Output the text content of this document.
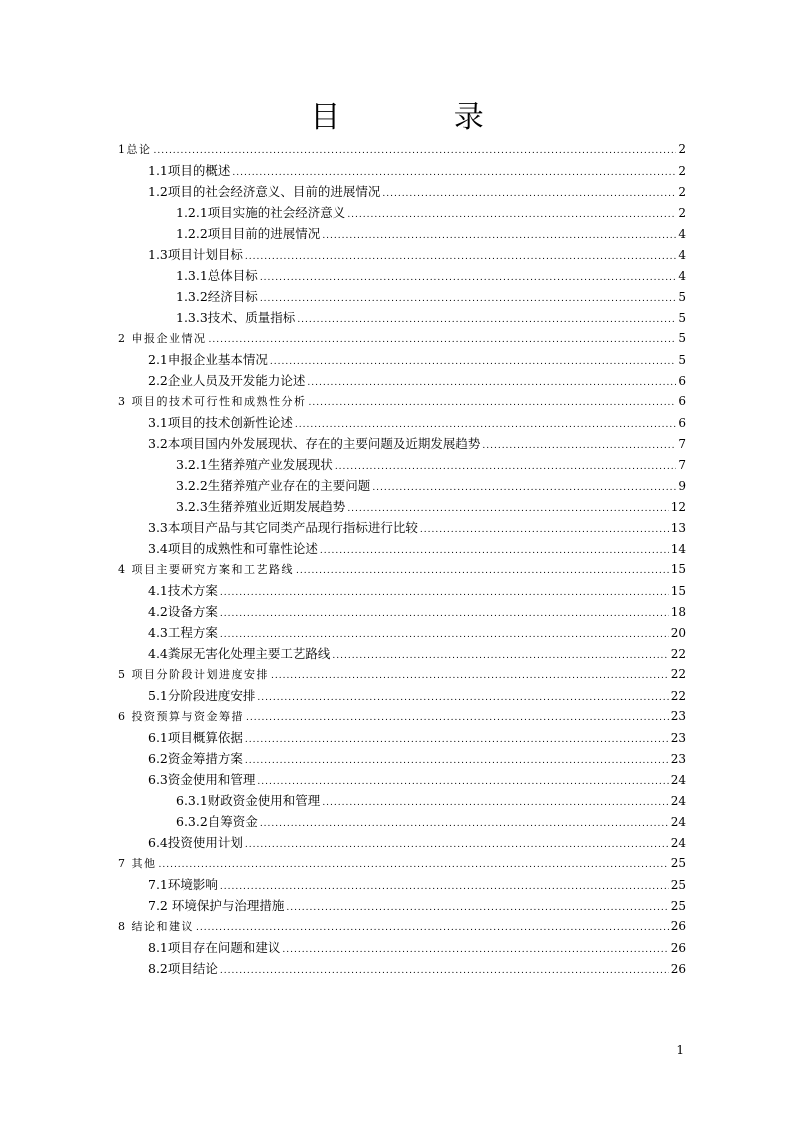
目 录
1总论 .....	2
1.1项目的概述 .....	2
1.2项目的社会经济意义、目前的进展情况 .....	2
1.2.1项目实施的社会经济意义 .....	2
1.2.2项目目前的进展情况 .....	4
1.3项目计划目标 .....	4
1.3.1总体目标 .....	4
1.3.2经济目标 .....	5
1.3.3技术、质量指标 .....	5
2 申报企业情况 .....	5
2.1申报企业基本情况 .....	5
2.2企业人员及开发能力论述 .....	6
3 项目的技术可行性和成熟性分析 .....	6
3.1项目的技术创新性论述 .....	6
3.2本项目国内外发展现状、存在的主要问题及近期发展趋势 .....	7
3.2.1生猪养殖产业发展现状 .....	7
3.2.2生猪养殖产业存在的主要问题 .....	9
3.2.3生猪养殖业近期发展趋势 .....	12
3.3本项目产品与其它同类产品现行指标进行比较 .....	13
3.4项目的成熟性和可靠性论述 .....	14
4 项目主要研究方案和工艺路线 .....	15
4.1技术方案 .....	15
4.2设备方案 .....	18
4.3工程方案 .....	20
4.4粪尿无害化处理主要工艺路线 .....	22
5 项目分阶段计划进度安排 .....	22
5.1分阶段进度安排 .....	22
6 投资预算与资金筹措 .....	23
6.1项目概算依据 .....	23
6.2资金筹措方案 .....	23
6.3资金使用和管理 .....	24
6.3.1财政资金使用和管理 .....	24
6.3.2自筹资金 .....	24
6.4投资使用计划 .....	24
7 其他 .....	25
7.1环境影响 .....	25
7.2 环境保护与治理措施 .....	25
8 结论和建议 .....	26
8.1项目存在问题和建议 .....	26
8.2项目结论 .....	26
1
